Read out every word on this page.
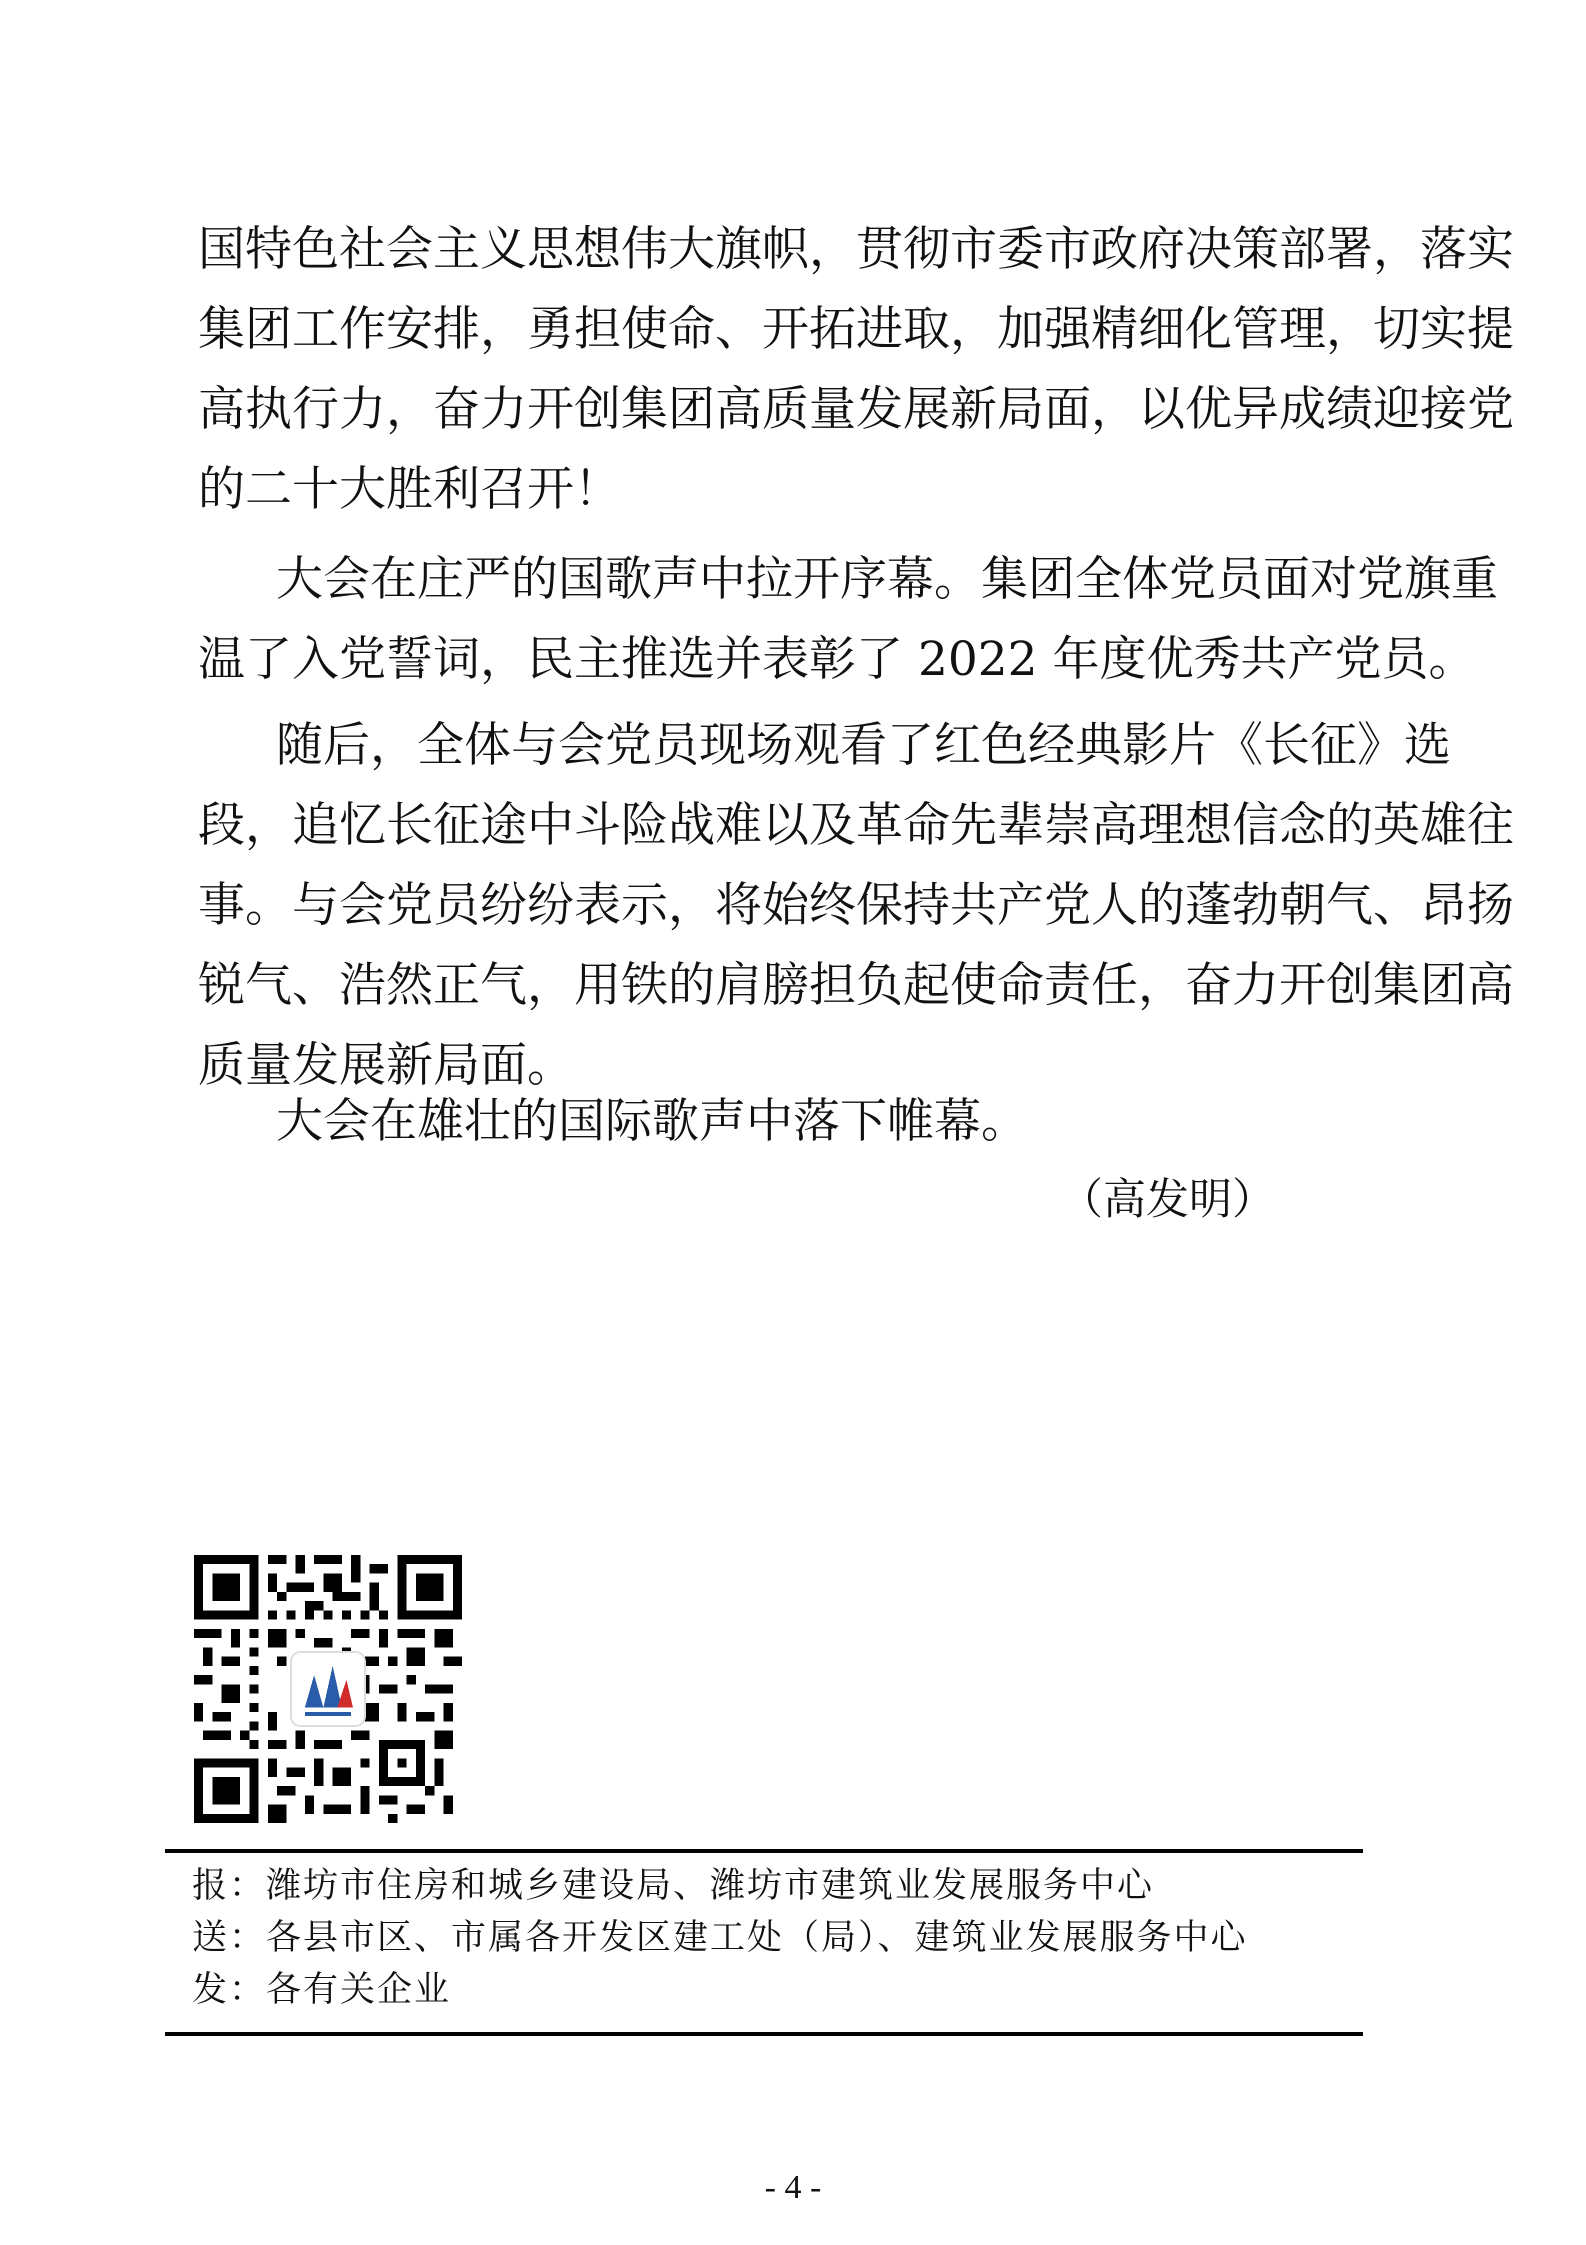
国特色社会主义思想伟大旗帜，贯彻市委市政府决策部署，落实
集团工作安排，勇担使命、开拓进取，加强精细化管理，切实提
高执行力，奋力开创集团高质量发展新局面，以优异成绩迎接党
的二十大胜利召开！
大会在庄严的国歌声中拉开序幕。集团全体党员面对党旗重
温了入党誓词，民主推选并表彰了 2022 年度优秀共产党员。
随后，全体与会党员现场观看了红色经典影片《长征》选
段，追忆长征途中斗险战难以及革命先辈崇高理想信念的英雄往
事。与会党员纷纷表示，将始终保持共产党人的蓬勃朝气、昂扬
锐气、浩然正气，用铁的肩膀担负起使命责任，奋力开创集团高
质量发展新局面。
大会在雄壮的国际歌声中落下帷幕。
（高发明）
报：潍坊市住房和城乡建设局、潍坊市建筑业发展服务中心
送：各县市区、市属各开发区建工处（局）、建筑业发展服务中心
发：各有关企业
- 4 -
